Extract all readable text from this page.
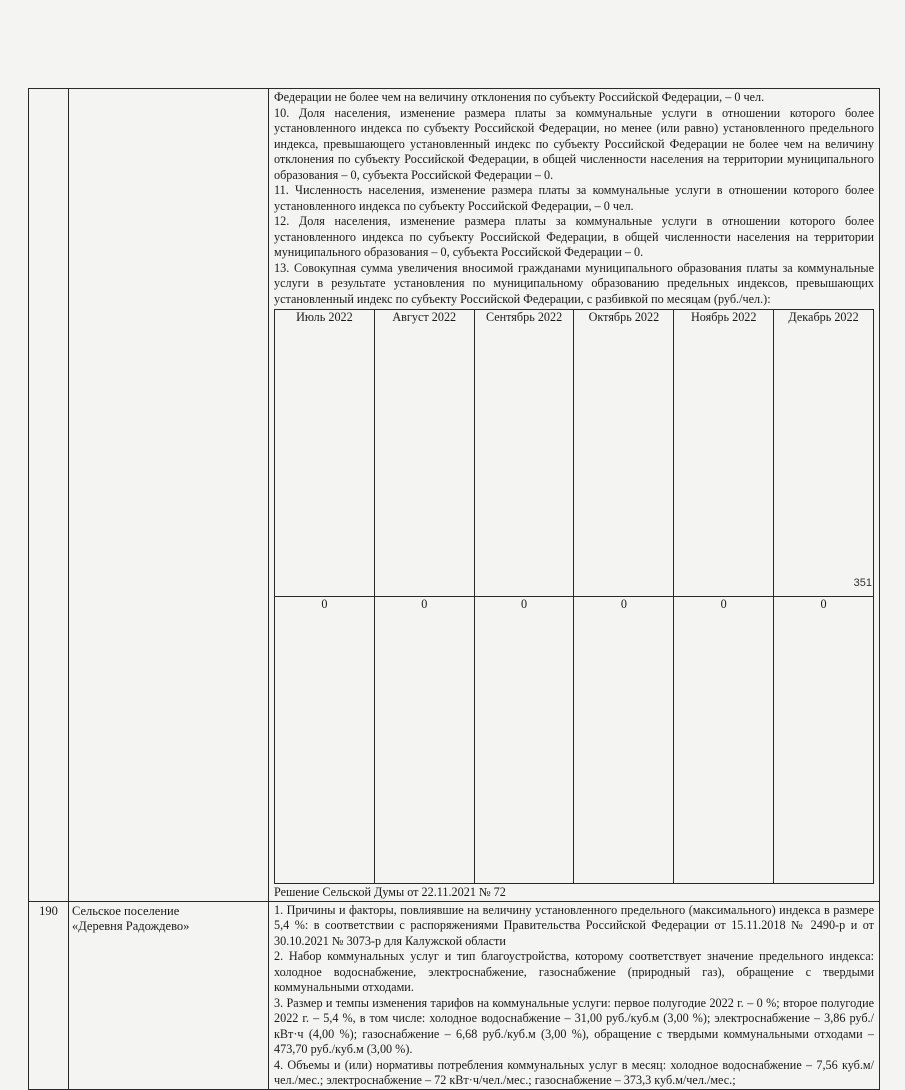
Федерации не более чем на величину отклонения по субъекту Российской Федерации, – 0 чел.

10. Доля населения, изменение размера платы за коммунальные услуги в отношении которого более установленного индекса по субъекту Российской Федерации, но менее (или равно) установленного предельного индекса, превышающего установленный индекс по субъекту Российской Федерации не более чем на величину отклонения по субъекту Российской Федерации, в общей численности населения на территории муниципального образования – 0, субъекта Российской Федерации – 0.

11. Численность населения, изменение размера платы за коммунальные услуги в отношении которого более установленного индекса по субъекту Российской Федерации, – 0 чел.

12. Доля населения, изменение размера платы за коммунальные услуги в отношении которого более установленного индекса по субъекту Российской Федерации, в общей численности населения на территории муниципального образования – 0, субъекта Российской Федерации – 0.

13. Совокупная сумма увеличения вносимой гражданами муниципального образования платы за коммунальные услуги в результате установления по муниципальному образованию предельных индексов, превышающих установленный индекс по субъекту Российской Федерации, с разбивкой по месяцам (руб./чел.):

Июль 2022	Август 2022	Сентябрь 2022	Октябрь 2022	Ноябрь 2022	Декабрь 2022
0	0	0	0	0	0

Решение Сельской Думы от 22.11.2021 № 72

190	Сельское поселение
«Деревня Радождево»

1. Причины и факторы, повлиявшие на величину установленного предельного (максимального) индекса в размере 5,4 %: в соответствии с распоряжениями Правительства Российской Федерации от 15.11.2018 № 2490-р и от 30.10.2021 № 3073-р для Калужской области

2. Набор коммунальных услуг и тип благоустройства, которому соответствует значение предельного индекса: холодное водоснабжение, электроснабжение, газоснабжение (природный газ), обращение с твердыми коммунальными отходами.

3. Размер и темпы изменения тарифов на коммунальные услуги: первое полугодие 2022 г. – 0 %; второе полугодие 2022 г. – 5,4 %, в том числе: холодное водоснабжение – 31,00 руб./куб.м (3,00 %); электроснабжение – 3,86 руб./кВт·ч (4,00 %); газоснабжение – 6,68 руб./куб.м (3,00 %), обращение с твердыми коммунальными отходами – 473,70 руб./куб.м (3,00 %).

4. Объемы и (или) нормативы потребления коммунальных услуг в месяц: холодное водоснабжение – 7,56 куб.м/чел./мес.; электроснабжение – 72 кВт·ч/чел./мес.; газоснабжение – 373,3 куб.м/чел./мес.;

351
